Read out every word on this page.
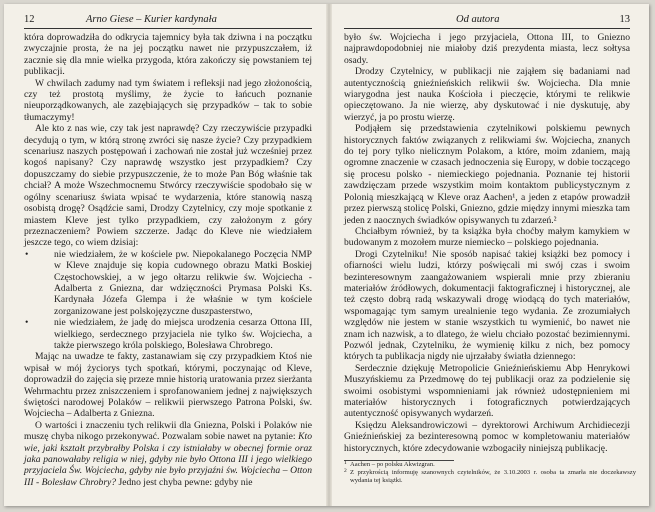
12	Arno Giese – Kurier kardynała

która doprowadziła do odkrycia tajemnicy była tak dziwna i na początku zwyczajnie prosta, że na jej początku nawet nie przypuszczałem, iż zacznie się dla mnie wielka przygoda, która zakończy się powstaniem tej publikacji.

W chwilach zadumy nad tym światem i refleksji nad jego złożonością, czy też prostotą myślimy, że życie to łańcuch poznanie nieuporządkowanych, ale zazębiających się przypadków – tak to sobie tłumaczymy!

Ale kto z nas wie, czy tak jest naprawdę? Czy rzeczywiście przypadki decydują o tym, w którą stronę zwróci się nasze życie? Czy przypadkiem scenariusz naszych postępowań i zachowań nie został już wcześniej przez kogoś napisany? Czy naprawdę wszystko jest przypadkiem? Czy dopuszczamy do siebie przypuszczenie, że to może Pan Bóg właśnie tak chciał? A może Wszechmocnemu Stwórcy rzeczywiście spodobało się w ogólny scenariusz świata wpisać te wydarzenia, które stanowią naszą osobistą drogę? Osądźcie sami, Drodzy Czytelnicy, czy moje spotkanie z miastem Kleve jest tylko przypadkiem, czy założonym z góry przeznaczeniem? Powiem szczerze. Jadąc do Kleve nie wiedziałem jeszcze tego, co wiem dzisiaj:

•	nie wiedziałem, że w kościele pw. Niepokalanego Poczęcia NMP w Kleve znajduje się kopia cudownego obrazu Matki Boskiej Częstochowskiej, a w jego ołtarzu relikwie św. Wojciecha - Adalberta z Gniezna, dar wdzięczności Prymasa Polski Ks. Kardynała Józefa Glempa i że właśnie w tym kościele zorganizowane jest polskojęzyczne duszpasterstwo,
•	nie wiedziałem, że jadę do miejsca urodzenia cesarza Ottona III, wielkiego, serdecznego przyjaciela nie tylko św. Wojciecha, a także pierwszego króla polskiego, Bolesława Chrobrego.

Mając na uwadze te fakty, zastanawiam się czy przypadkiem Ktoś nie wpisał w mój życiorys tych spotkań, którymi, poczynając od Kleve, doprowadził do zajęcia się przeze mnie historią uratowania przez sierżanta Wehrmachtu przez zniszczeniem i sprofanowaniem jednej z największych świętości narodowej Polaków – relikwii pierwszego Patrona Polski, św. Wojciecha – Adalberta z Gniezna.

O wartości i znaczeniu tych relikwii dla Gniezna, Polski i Polaków nie muszę chyba nikogo przekonywać. Pozwalam sobie nawet na pytanie: Kto wie, jaki kształt przybrałby Polska i czy istniałaby w obecnej formie oraz jaka panowałaby religia w niej, gdyby nie było Ottona III i jego wielkiego przyjaciela Św. Wojciecha, gdyby nie było przyjaźni św. Wojciecha – Otton III - Bolesław Chrobry? Jedno jest chyba pewne: gdyby nie

Od autora	13

było św. Wojciecha i jego przyjaciela, Ottona III, to Gniezno najprawdopodobniej nie miałoby dziś prezydenta miasta, lecz sołtysa osady.

Drodzy Czytelnicy, w publikacji nie zająłem się badaniami nad autentycznością gnieźnieńskich relikwii św. Wojciecha. Dla mnie wiarygodna jest nauka Kościoła i pieczęcie, którymi te relikwie opieczętowano. Ja nie wierzę, aby dyskutować i nie dyskutuję, aby wierzyć, ja po prostu wierzę.

Podjąłem się przedstawienia czytelnikowi polskiemu pewnych historycznych faktów związanych z relikwiami św. Wojciecha, znanych do tej pory tylko nielicznym Polakom, a które, moim zdaniem, mają ogromne znaczenie w czasach jednoczenia się Europy, w dobie toczącego się procesu polsko - niemieckiego pojednania. Poznanie tej historii zawdzięczam przede wszystkim moim kontaktom publicystycznym z Polonią mieszkającą w Kleve oraz Aachen¹, a jeden z etapów prowadził przez pierwszą stolicę Polski, Gniezno, gdzie między innymi mieszka tam jeden z naocznych świadków opisywanych tu zdarzeń.²

Chciałbym również, by ta książka była choćby małym kamykiem w budowanym z mozołem murze niemiecko – polskiego pojednania.

Drogi Czytelniku! Nie sposób napisać takiej książki bez pomocy i ofiarności wielu ludzi, którzy poświęcali mi swój czas i swoim bezinteresownym zaangażowaniem wspierali mnie przy zbieraniu materiałów źródłowych, dokumentacji faktograficznej i historycznej, ale też często dobrą radą wskazywali drogę wiodącą do tych materiałów, wspomagając tym samym urealnienie tego wydania. Ze zrozumiałych względów nie jestem w stanie wszystkich tu wymienić, bo nawet nie znam ich nazwisk, a to dlatego, że wielu chciało pozostać bezimiennymi. Pozwól jednak, Czytelniku, że wymienię kilku z nich, bez pomocy których ta publikacja nigdy nie ujrzałaby światła dziennego:

Serdecznie dziękuję Metropolicie Gnieźnieńskiemu Abp Henrykowi Muszyńskiemu za Przedmowę do tej publikacji oraz za podzielenie się swoimi osobistymi wspomnieniami jak również udostępnieniem mi materiałów historycznych i fotograficznych potwierdzających autentyczność opisywanych wydarzeń.

Księdzu Aleksandrowiczowi – dyrektorowi Archiwum Archidiecezji Gnieźnieńskiej za bezinteresowną pomoc w kompletowaniu materiałów historycznych, które zdecydowanie wzbogaciły niniejszą publikację.

1 Aachen – po polsku Akwizgran.

2 Z przykrością informuję szanownych czytelników, że 3.10.2003 r. osoba ta zmarła nie doczekawszy wydania tej książki.
